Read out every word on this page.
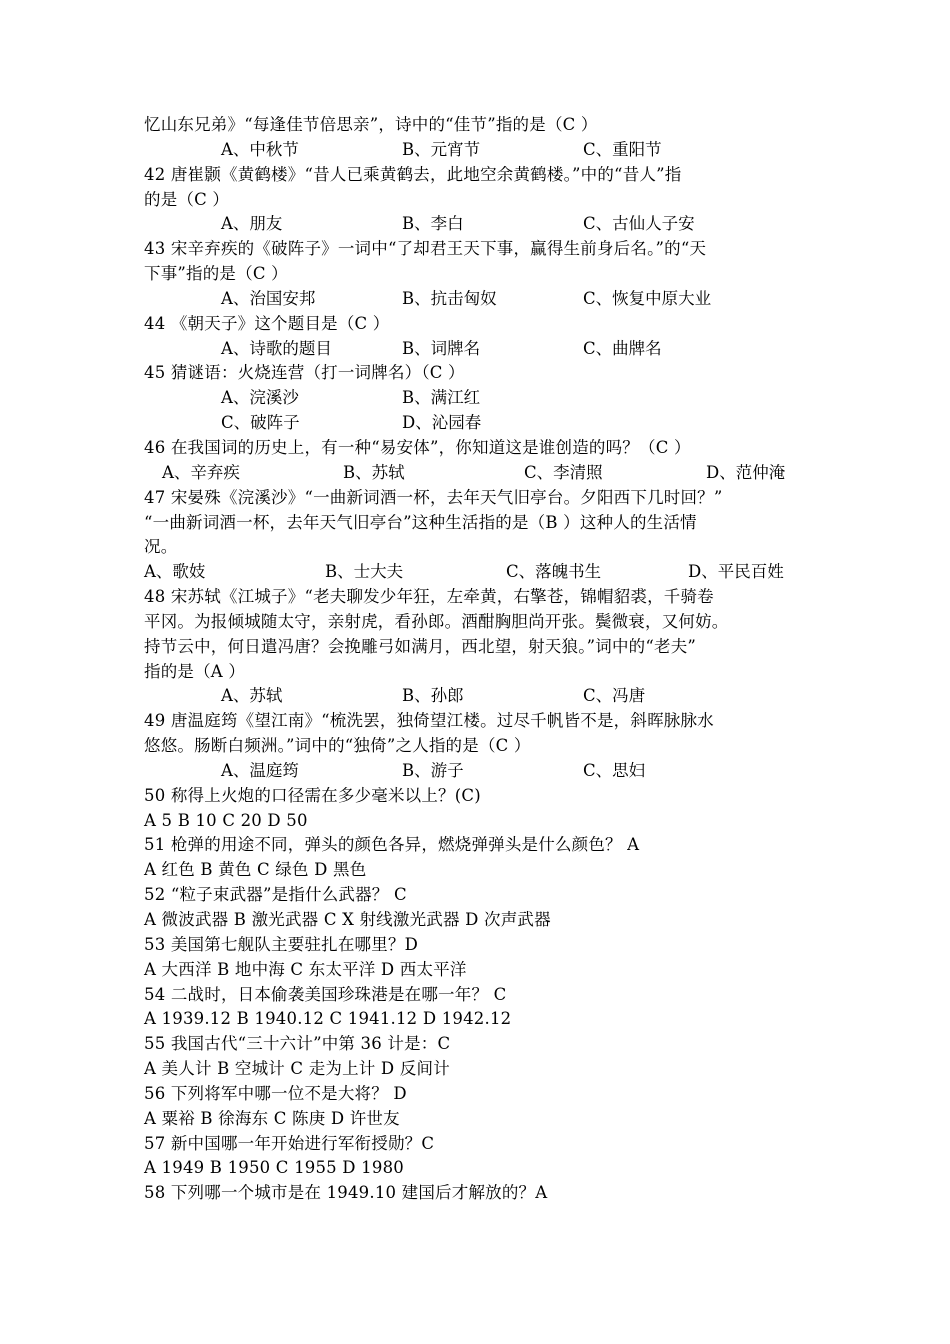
忆山东兄弟》“每逢佳节倍思亲”，诗中的“佳节”指的是（C ）
A、中秋节	B、元宵节	C、重阳节
42 唐崔颢《黄鹤楼》“昔人已乘黄鹤去，此地空余黄鹤楼。”中的“昔人”指
的是（C ）
A、朋友	B、李白	C、古仙人子安
43 宋辛弃疾的《破阵子》一词中“了却君王天下事，赢得生前身后名。”的“天
下事”指的是（C ）
A、治国安邦	B、抗击匈奴	C、恢复中原大业
44 《朝天子》这个题目是（C ）
A、诗歌的题目	B、词牌名	C、曲牌名
45 猜谜语：火烧连营（打一词牌名）（C ）
A、浣溪沙	B、满江红
C、破阵子	D、沁园春
46 在我国词的历史上，有一种“易安体”，你知道这是谁创造的吗？（C ）
A、辛弃疾	B、苏轼	C、李清照	D、范仲淹
47 宋晏殊《浣溪沙》“一曲新词酒一杯，去年天气旧亭台。夕阳西下几时回？”
“一曲新词酒一杯，去年天气旧亭台”这种生活指的是（B ）这种人的生活情
况。
A、歌妓	B、士大夫	C、落魄书生	D、平民百姓
48 宋苏轼《江城子》“老夫聊发少年狂，左牵黄，右擎苍，锦帽貂裘，千骑卷
平冈。为报倾城随太守，亲射虎，看孙郎。酒酣胸胆尚开张。鬓微衰，又何妨。
持节云中，何日遣冯唐？会挽雕弓如满月，西北望，射天狼。”词中的“老夫”
指的是（A ）
A、苏轼	B、孙郎	C、冯唐
49 唐温庭筠《望江南》“梳洗罢，独倚望江楼。过尽千帆皆不是，斜晖脉脉水
悠悠。肠断白频洲。”词中的“独倚”之人指的是（C ）
A、温庭筠	B、游子	C、思妇
50 称得上火炮的口径需在多少毫米以上？(C)
A 5 B 10 C 20 D 50
51 枪弹的用途不同，弹头的颜色各异，燃烧弹弹头是什么颜色？ A
A 红色 B 黄色 C 绿色 D 黑色
52 “粒子束武器”是指什么武器？ C
A 微波武器 B 激光武器 C X 射线激光武器 D 次声武器
53 美国第七舰队主要驻扎在哪里？D
A 大西洋 B 地中海 C 东太平洋 D 西太平洋
54 二战时，日本偷袭美国珍珠港是在哪一年？ C
A 1939.12 B 1940.12 C 1941.12 D 1942.12
55 我国古代“三十六计”中第 36 计是：C
A 美人计 B 空城计 C 走为上计 D 反间计
56 下列将军中哪一位不是大将？ D
A 粟裕 B 徐海东 C 陈庚 D 许世友
57 新中国哪一年开始进行军衔授勋？C
A 1949 B 1950 C 1955 D 1980
58 下列哪一个城市是在 1949.10 建国后才解放的？A
